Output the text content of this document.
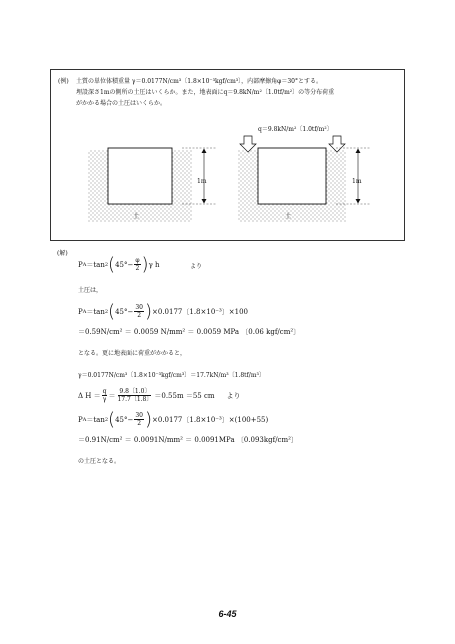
(例) 土質の単位体積重量 γ＝0.0177N/cm³〔1.8×10⁻³kgf/cm³〕，内部摩擦角φ＝30°とする。
埋設深さ1mの側所の土圧はいくらか。また，地表面にq＝9.8kN/m²〔1.0tf/m²〕の等分布荷重
がかかる場合の土圧はいくらか。
1m
土
q＝9.8kN/m²〔1.0tf/m²〕
1m
土
(解)
P A ＝tan 2 ( $45^\circ- \frac{\varphi}{2}$ ) γ h	より
土圧は，
P A ＝tan 2 ( $45^\circ- \frac{30}{2}$ ) ×0.0177〔1.8×10⁻³〕×100
＝0.59N/cm² ＝ 0.0059 N/mm² ＝ 0.0059 MPa 〔0.06 kgf/cm²〕
となる。更に地表面に荷重がかかると，
γ＝0.0177N/cm³〔1.8×10⁻³kgf/cm³〕＝17.7kN/m³〔1.8tf/m³〕
Δ $H = \frac{q}{\gamma} = \frac{9.8〔1.0〕}{17.7〔1.8〕} =0.55m =55$ cm より
P A ＝tan 2 ( $45^\circ- \frac{30}{2}$ ) ×0.0177〔1.8×10⁻³〕×(100+55)
＝0.91N/cm² ＝ 0.0091N/mm² ＝ 0.0091MPa 〔0.093kgf/cm²〕
の土圧となる。
6-45
